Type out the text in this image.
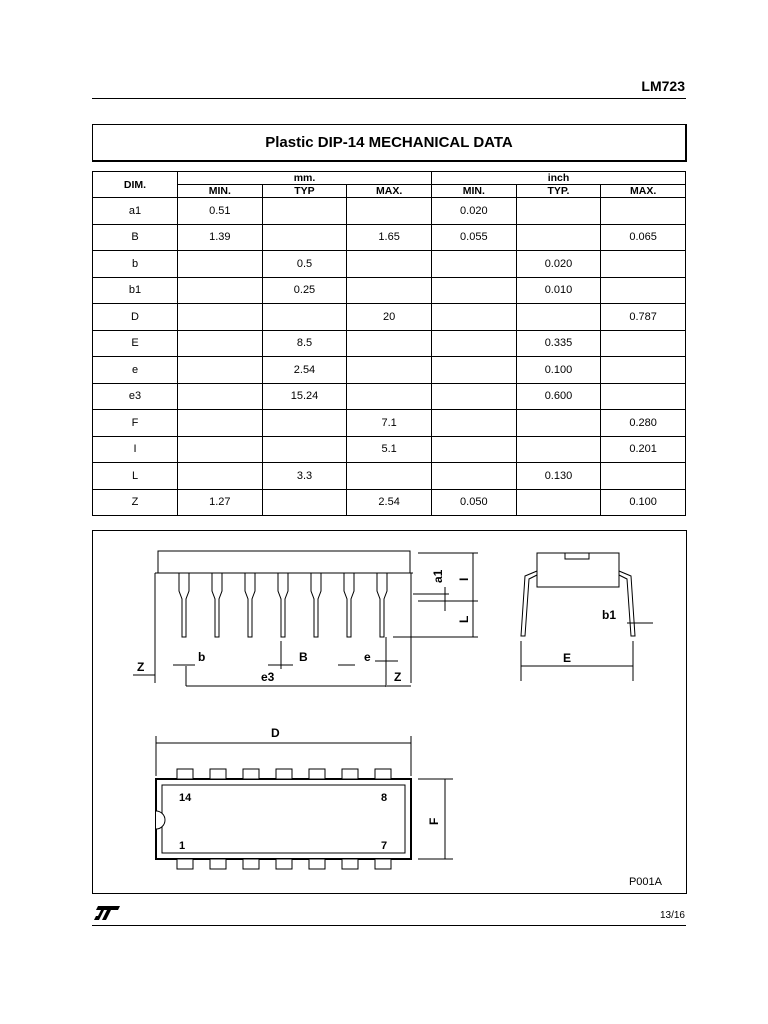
LM723
Plastic DIP-14 MECHANICAL DATA
DIM.	mm.			inch		
	MIN.	TYP	MAX.	MIN.	TYP.	MAX.
a1	0.51			0.020		
B	1.39		1.65	0.055		0.065
b		0.5			0.020	
b1		0.25			0.010	
D			20			0.787
E		8.5			0.335	
e		2.54			0.100	
e3		15.24			0.600	
F			7.1			0.280
I			5.1			0.201
L		3.3			0.130	
Z	1.27		2.54	0.050		0.100
b	B	e
Z
e3	Z
a1 I
L	b1
E
D
F
14	8
1	7
P001A
13/16
